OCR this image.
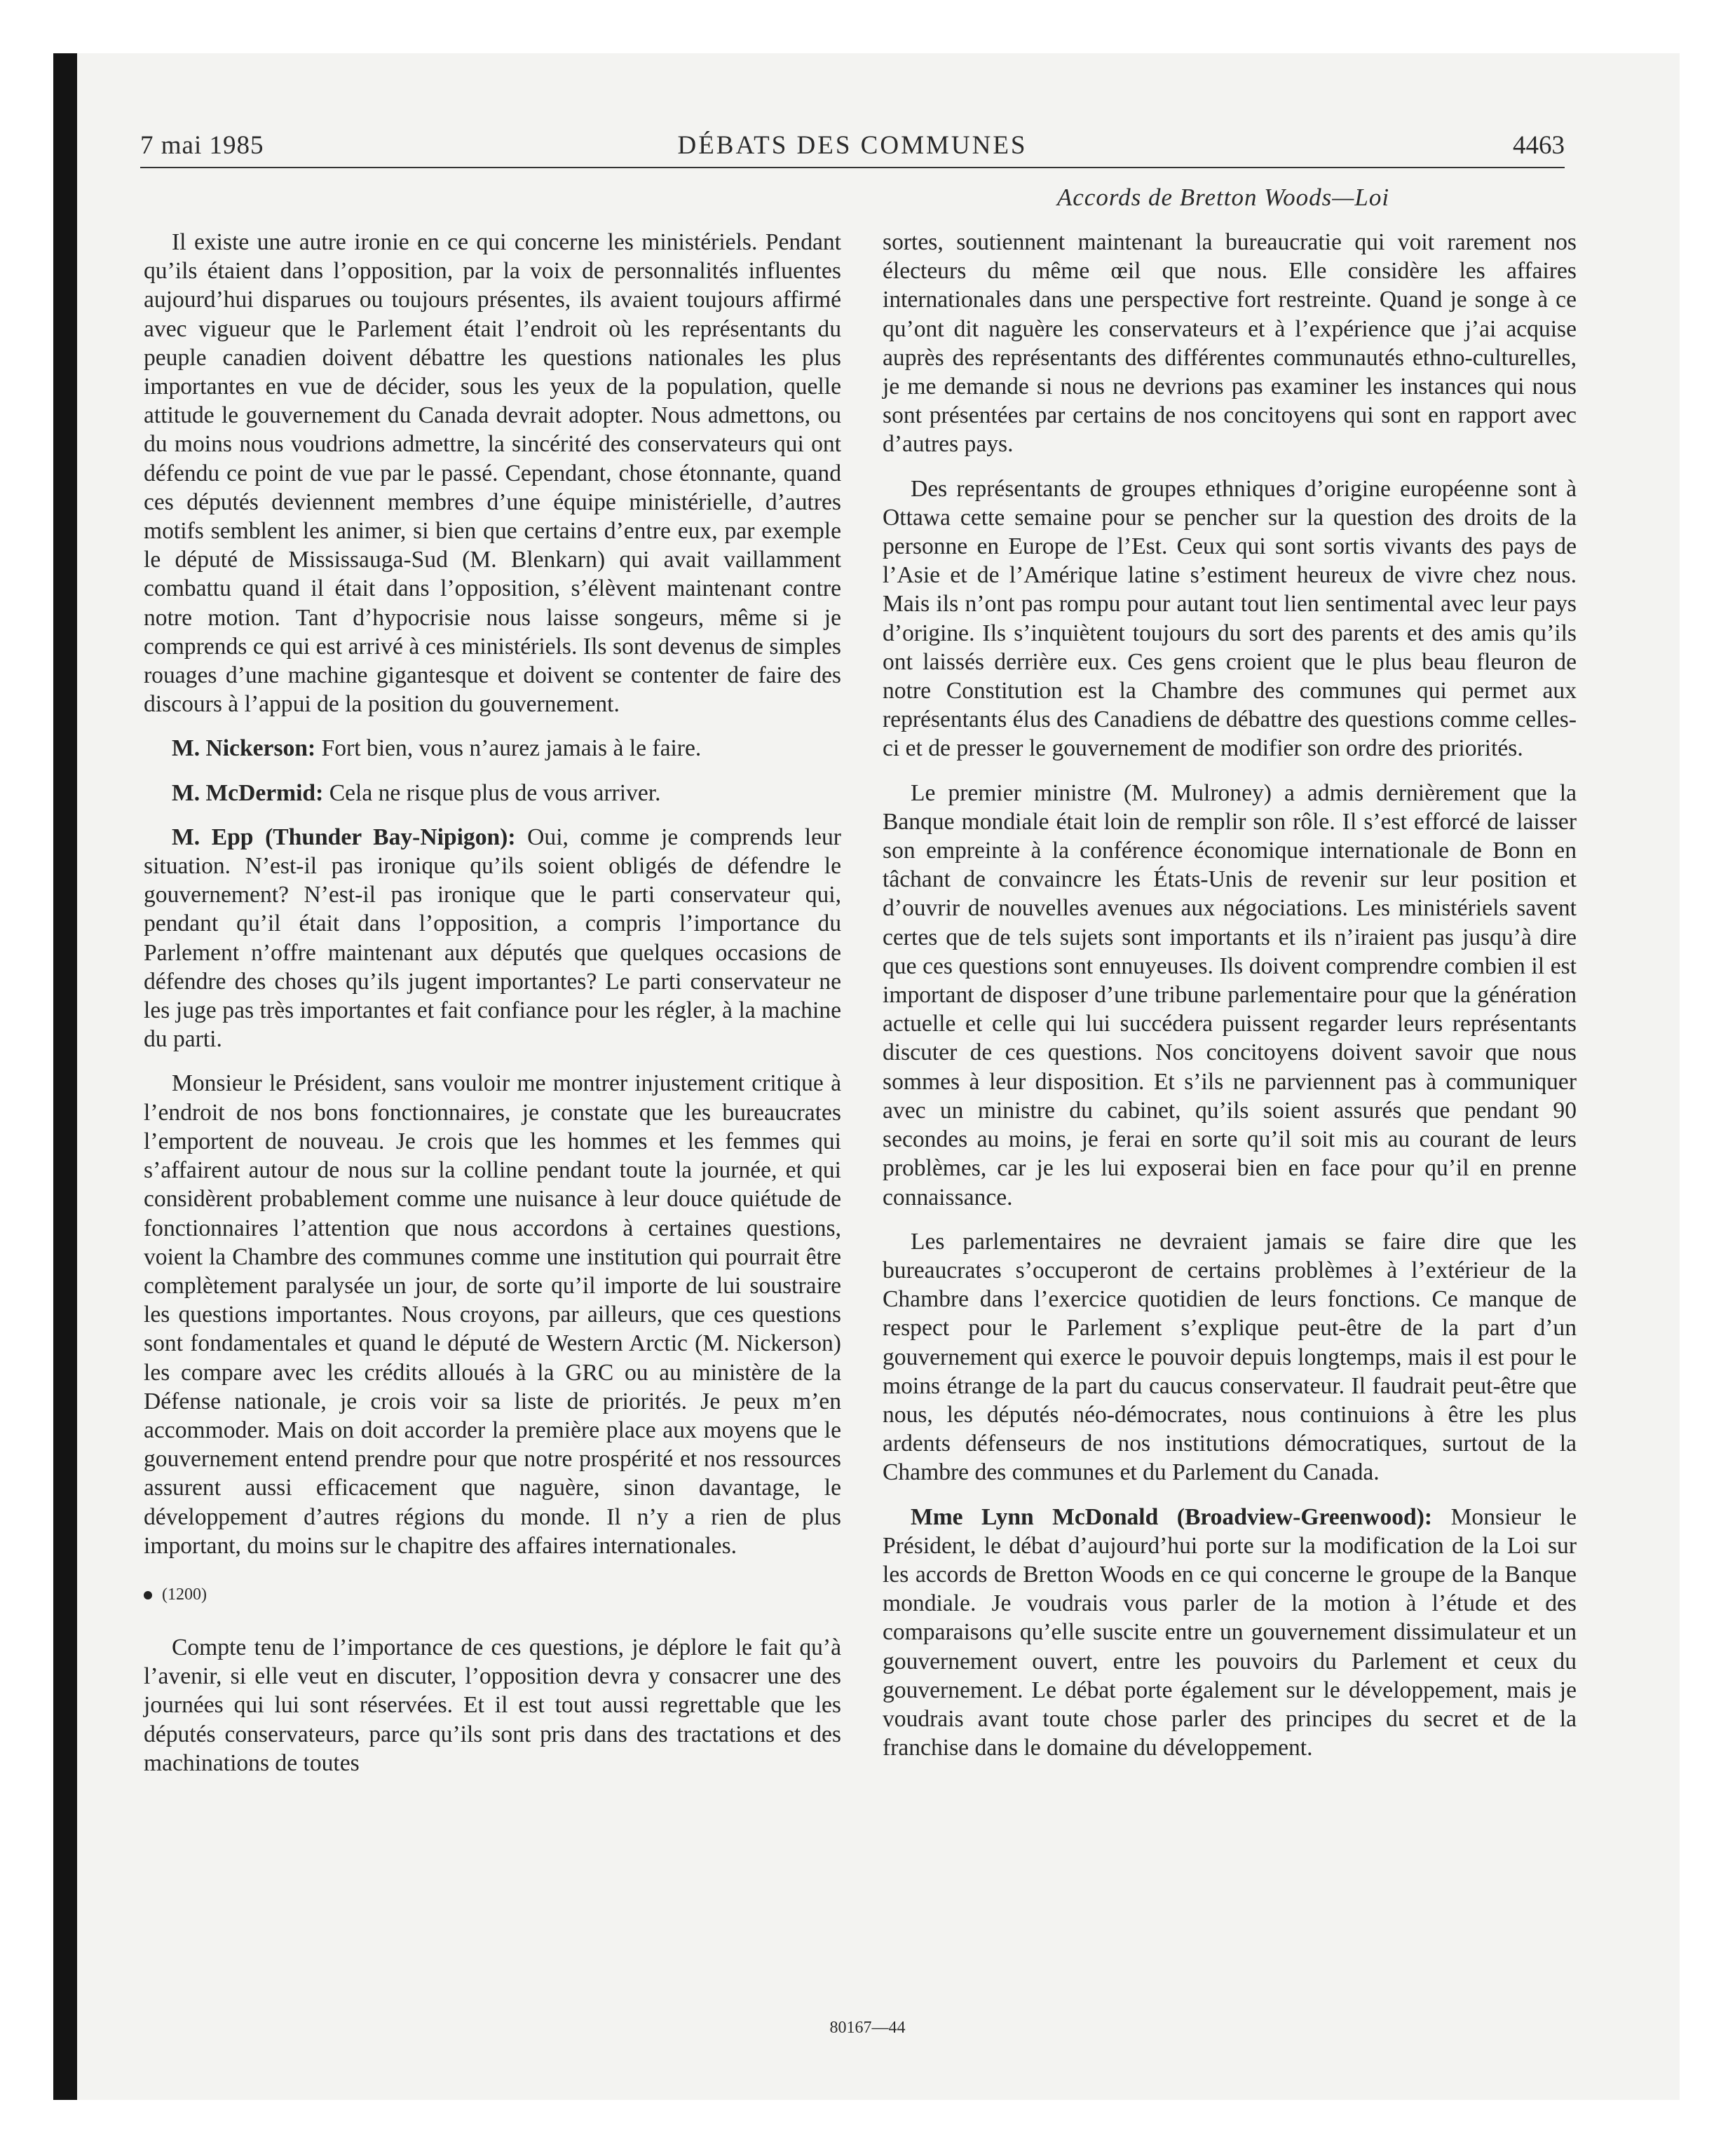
7 mai 1985	DÉBATS DES COMMUNES	4463
Accords de Bretton Woods—Loi

Il existe une autre ironie en ce qui concerne les ministériels. Pendant qu’ils étaient dans l’opposition, par la voix de personnalités influentes aujourd’hui disparues ou toujours présentes, ils avaient toujours affirmé avec vigueur que le Parlement était l’endroit où les représentants du peuple canadien doivent débattre les questions nationales les plus importantes en vue de décider, sous les yeux de la population, quelle attitude le gouvernement du Canada devrait adopter. Nous admettons, ou du moins nous voudrions admettre, la sincérité des conservateurs qui ont défendu ce point de vue par le passé. Cependant, chose étonnante, quand ces députés deviennent membres d’une équipe ministérielle, d’autres motifs semblent les animer, si bien que certains d’entre eux, par exemple le député de Mississauga-Sud (M. Blenkarn) qui avait vaillamment combattu quand il était dans l’opposition, s’élèvent maintenant contre notre motion. Tant d’hypocrisie nous laisse songeurs, même si je comprends ce qui est arrivé à ces ministériels. Ils sont devenus de simples rouages d’une machine gigantesque et doivent se contenter de faire des discours à l’appui de la position du gouvernement.

M. Nickerson: Fort bien, vous n’aurez jamais à le faire.

M. McDermid: Cela ne risque plus de vous arriver.

M. Epp (Thunder Bay-Nipigon): Oui, comme je comprends leur situation. N’est-il pas ironique qu’ils soient obligés de défendre le gouvernement? N’est-il pas ironique que le parti conservateur qui, pendant qu’il était dans l’opposition, a compris l’importance du Parlement n’offre maintenant aux députés que quelques occasions de défendre des choses qu’ils jugent importantes? Le parti conservateur ne les juge pas très importantes et fait confiance pour les régler, à la machine du parti.

Monsieur le Président, sans vouloir me montrer injustement critique à l’endroit de nos bons fonctionnaires, je constate que les bureaucrates l’emportent de nouveau. Je crois que les hommes et les femmes qui s’affairent autour de nous sur la colline pendant toute la journée, et qui considèrent probablement comme une nuisance à leur douce quiétude de fonctionnaires l’attention que nous accordons à certaines questions, voient la Chambre des communes comme une institution qui pourrait être complètement paralysée un jour, de sorte qu’il importe de lui soustraire les questions importantes. Nous croyons, par ailleurs, que ces questions sont fondamentales et quand le député de Western Arctic (M. Nickerson) les compare avec les crédits alloués à la GRC ou au ministère de la Défense nationale, je crois voir sa liste de priorités. Je peux m’en accommoder. Mais on doit accorder la première place aux moyens que le gouvernement entend prendre pour que notre prospérité et nos ressources assurent aussi efficacement que naguère, sinon davantage, le développement d’autres régions du monde. Il n’y a rien de plus important, du moins sur le chapitre des affaires internationales.

(1200)

Compte tenu de l’importance de ces questions, je déplore le fait qu’à l’avenir, si elle veut en discuter, l’opposition devra y consacrer une des journées qui lui sont réservées. Et il est tout aussi regrettable que les députés conservateurs, parce qu’ils sont pris dans des tractations et des machinations de toutes

sortes, soutiennent maintenant la bureaucratie qui voit rarement nos électeurs du même œil que nous. Elle considère les affaires internationales dans une perspective fort restreinte. Quand je songe à ce qu’ont dit naguère les conservateurs et à l’expérience que j’ai acquise auprès des représentants des différentes communautés ethno-culturelles, je me demande si nous ne devrions pas examiner les instances qui nous sont présentées par certains de nos concitoyens qui sont en rapport avec d’autres pays.

Des représentants de groupes ethniques d’origine européenne sont à Ottawa cette semaine pour se pencher sur la question des droits de la personne en Europe de l’Est. Ceux qui sont sortis vivants des pays de l’Asie et de l’Amérique latine s’estiment heureux de vivre chez nous. Mais ils n’ont pas rompu pour autant tout lien sentimental avec leur pays d’origine. Ils s’inquiètent toujours du sort des parents et des amis qu’ils ont laissés derrière eux. Ces gens croient que le plus beau fleuron de notre Constitution est la Chambre des communes qui permet aux représentants élus des Canadiens de débattre des questions comme celles-ci et de presser le gouvernement de modifier son ordre des priorités.

Le premier ministre (M. Mulroney) a admis dernièrement que la Banque mondiale était loin de remplir son rôle. Il s’est efforcé de laisser son empreinte à la conférence économique internationale de Bonn en tâchant de convaincre les États-Unis de revenir sur leur position et d’ouvrir de nouvelles avenues aux négociations. Les ministériels savent certes que de tels sujets sont importants et ils n’iraient pas jusqu’à dire que ces questions sont ennuyeuses. Ils doivent comprendre combien il est important de disposer d’une tribune parlementaire pour que la génération actuelle et celle qui lui succédera puissent regarder leurs représentants discuter de ces questions. Nos concitoyens doivent savoir que nous sommes à leur disposition. Et s’ils ne parviennent pas à communiquer avec un ministre du cabinet, qu’ils soient assurés que pendant 90 secondes au moins, je ferai en sorte qu’il soit mis au courant de leurs problèmes, car je les lui exposerai bien en face pour qu’il en prenne connaissance.

Les parlementaires ne devraient jamais se faire dire que les bureaucrates s’occuperont de certains problèmes à l’extérieur de la Chambre dans l’exercice quotidien de leurs fonctions. Ce manque de respect pour le Parlement s’explique peut-être de la part d’un gouvernement qui exerce le pouvoir depuis longtemps, mais il est pour le moins étrange de la part du caucus conservateur. Il faudrait peut-être que nous, les députés néo-démocrates, nous continuions à être les plus ardents défenseurs de nos institutions démocratiques, surtout de la Chambre des communes et du Parlement du Canada.

Mme Lynn McDonald (Broadview-Greenwood): Monsieur le Président, le débat d’aujourd’hui porte sur la modification de la Loi sur les accords de Bretton Woods en ce qui concerne le groupe de la Banque mondiale. Je voudrais vous parler de la motion à l’étude et des comparaisons qu’elle suscite entre un gouvernement dissimulateur et un gouvernement ouvert, entre les pouvoirs du Parlement et ceux du gouvernement. Le débat porte également sur le développement, mais je voudrais avant toute chose parler des principes du secret et de la franchise dans le domaine du développement.

80167—44
